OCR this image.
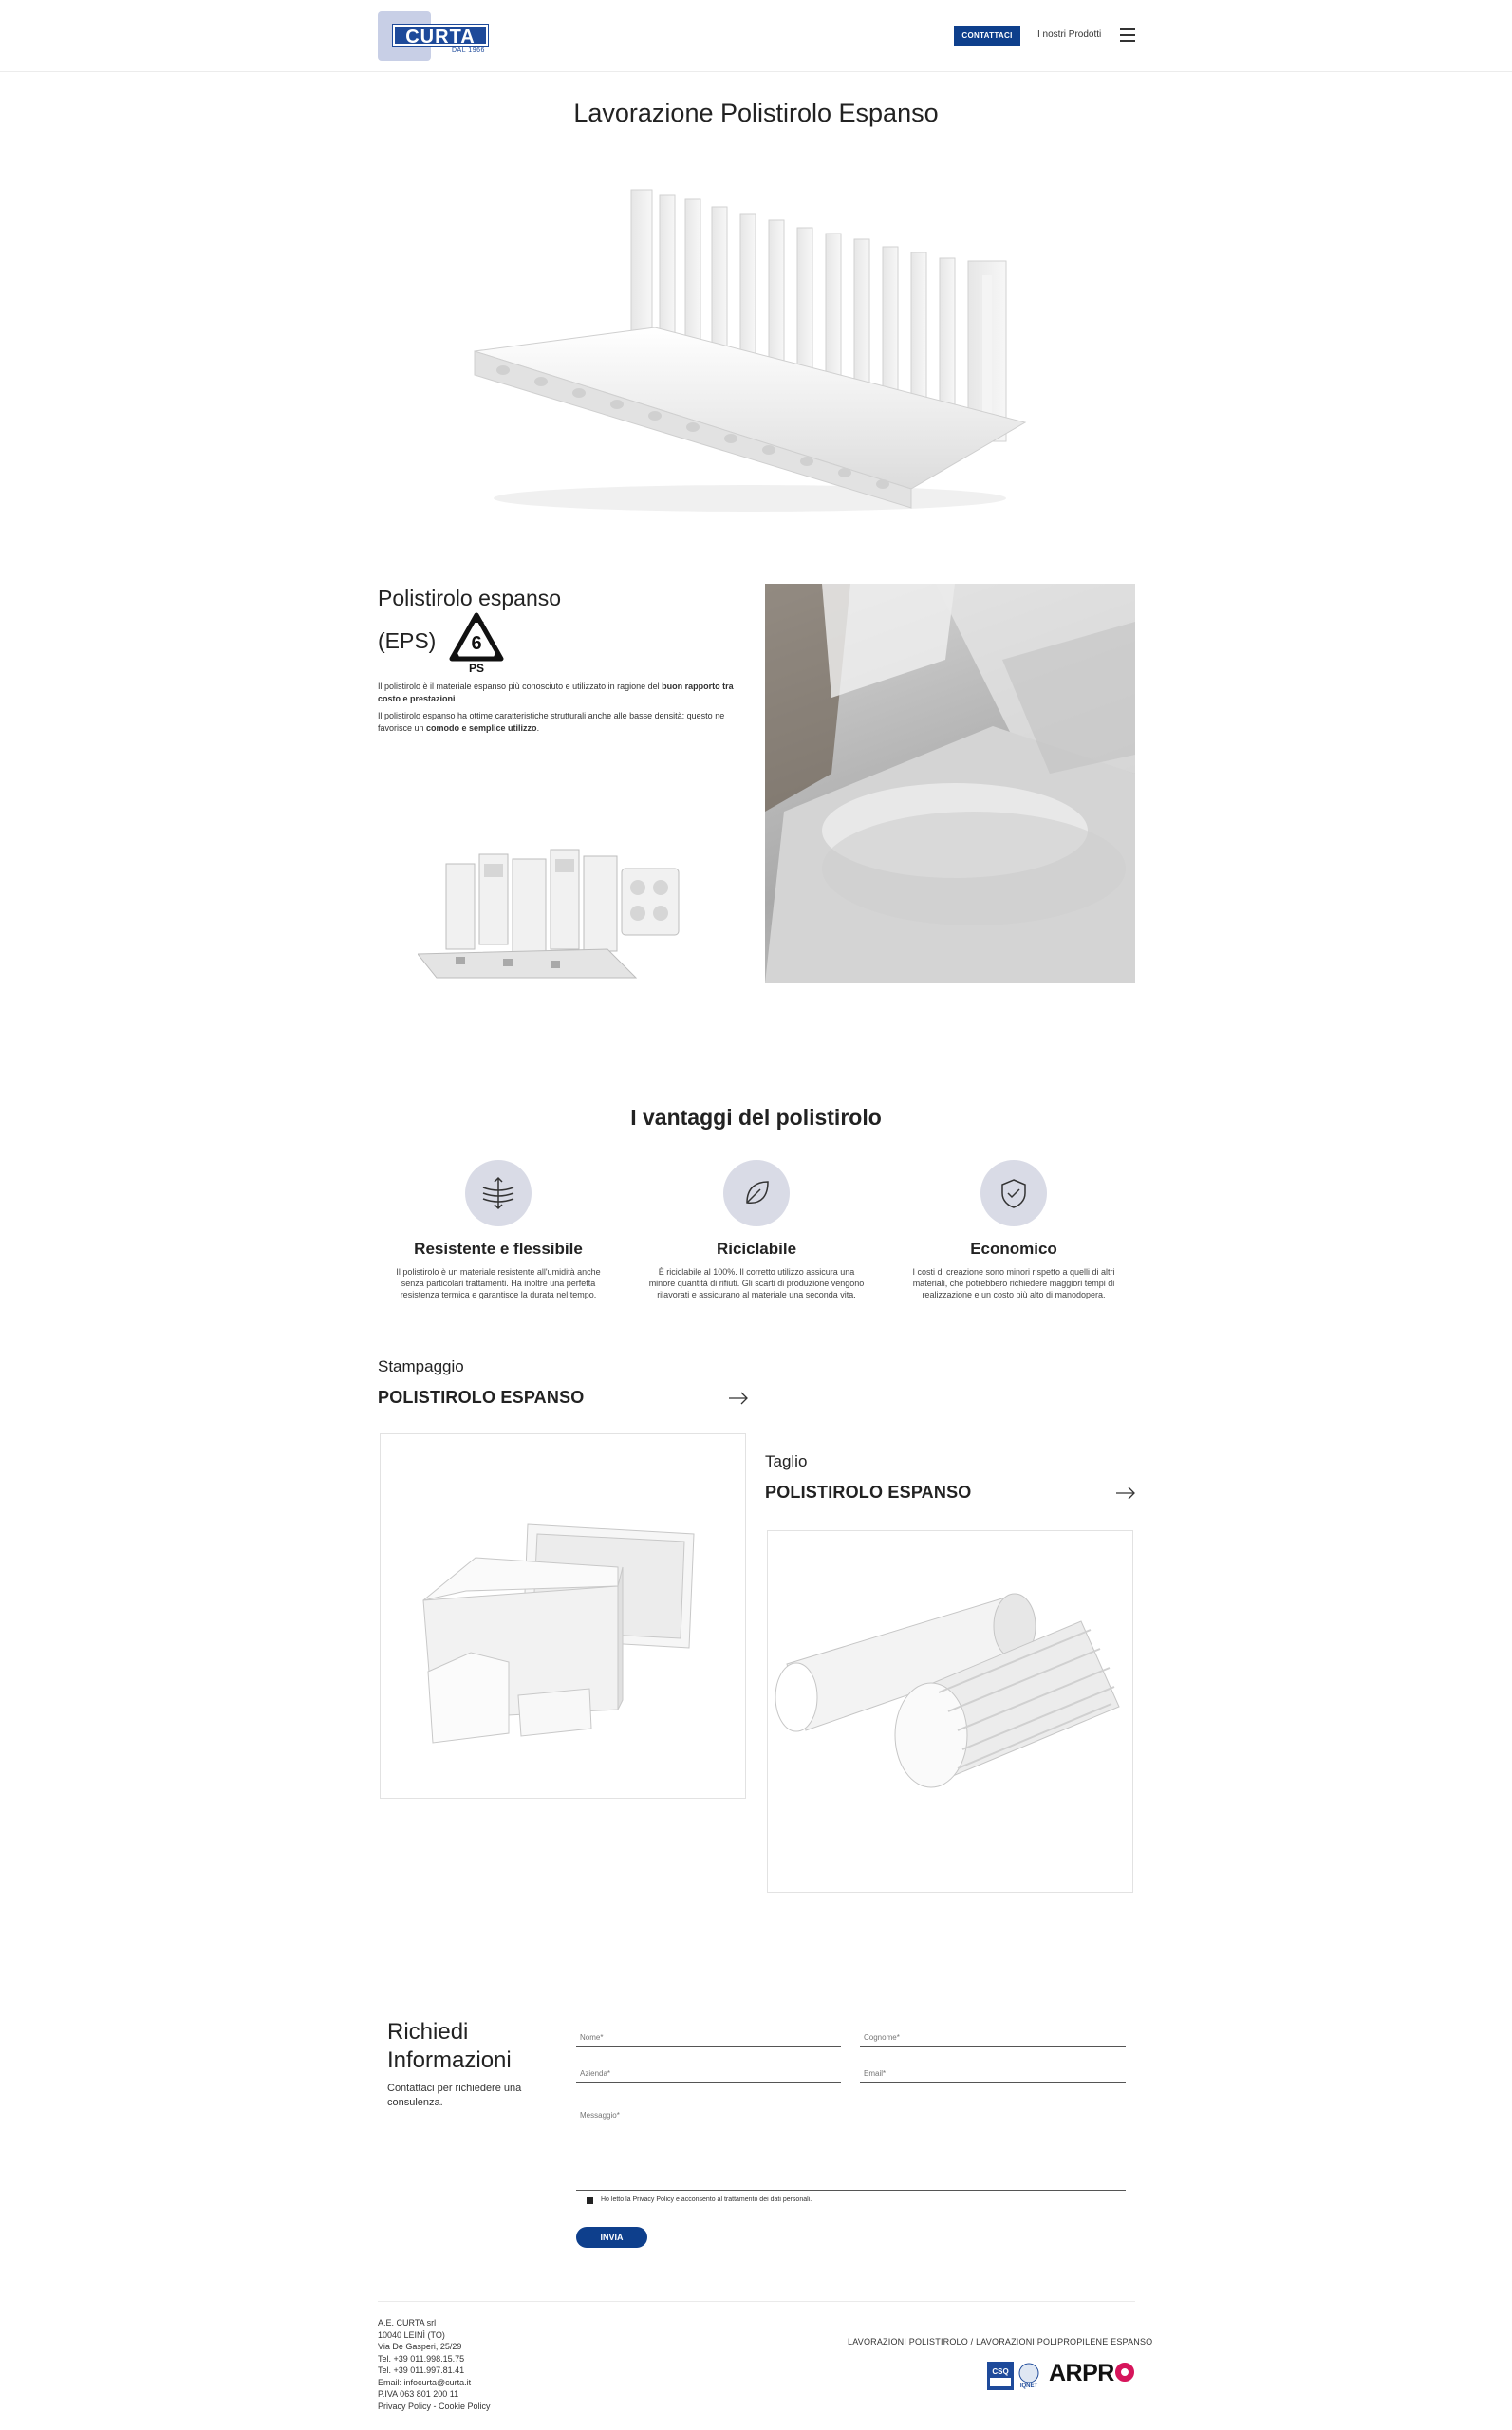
CURTA
DAL 1966
CONTATTACI	I nostri Prodotti
Lavorazione Polistirolo Espanso
Polistirolo espanso
(EPS) 6
PS

Il polistirolo è il materiale espanso più conosciuto e utilizzato in ragione del buon rapporto tra costo e prestazioni.

Il polistirolo espanso ha ottime caratteristiche strutturali anche alle basse densità: questo ne favorisce un comodo e semplice utilizzo.

I vantaggi del polistirolo
Resistente e flessibile
Il polistirolo è un materiale resistente all'umidità anche senza particolari trattamenti. Ha inoltre una perfetta resistenza termica e garantisce la durata nel tempo.
Riciclabile
È riciclabile al 100%. Il corretto utilizzo assicura una minore quantità di rifiuti. Gli scarti di produzione vengono rilavorati e assicurano al materiale una seconda vita.
Economico
I costi di creazione sono minori rispetto a quelli di altri materiali, che potrebbero richiedere maggiori tempi di realizzazione e un costo più alto di manodopera.
Stampaggio
POLISTIROLO ESPANSO
Taglio
POLISTIROLO ESPANSO
Richiedi Informazioni
Contattaci per richiedere una consulenza.
Nome*
Cognome*
Azienda*
Email*
Messaggio*
Ho letto la Privacy Policy e acconsento al trattamento dei dati personali.
INVIA
A.E. CURTA srl
10040 LEINÌ (TO)
Via De Gasperi, 25/29
Tel. +39 011.998.15.75
Tel. +39 011.997.81.41
Email: infocurta@curta.it
P.IVA 063 801 200 11
Privacy Policy - Cookie Policy
LAVORAZIONI POLISTIROLO / LAVORAZIONI POLIPROPILENE ESPANSO
CSQ
IQNET ARPR
